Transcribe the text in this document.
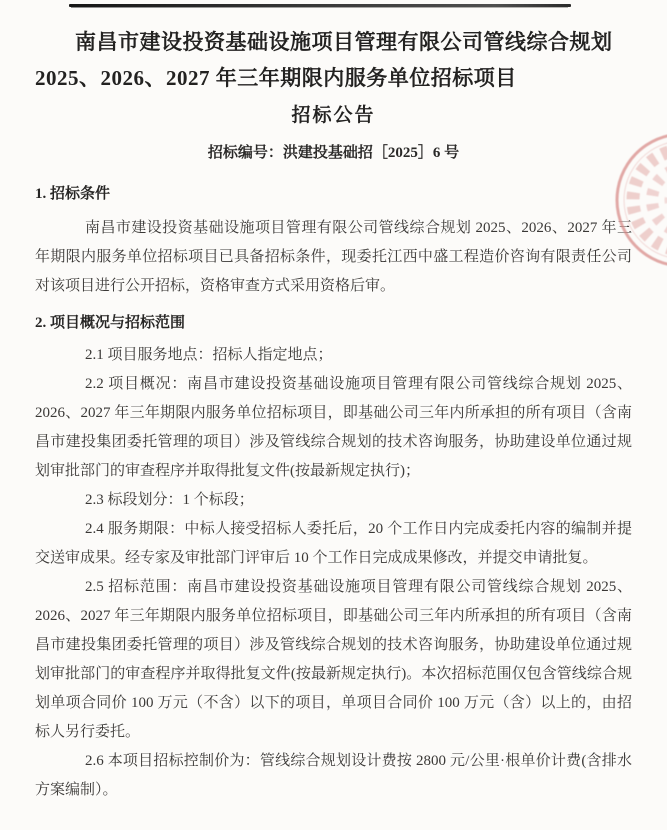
南昌市建设投资基础设施项目管理有限公司管线综合规划
2025、2026、2027 年三年期限内服务单位招标项目
招标公告
招标编号：洪建投基础招［2025］6 号
1. 招标条件

南昌市建设投资基础设施项目管理有限公司管线综合规划 2025、2026、2027 年三年期限内服务单位招标项目已具备招标条件，现委托江西中盛工程造价咨询有限责任公司对该项目进行公开招标，资格审查方式采用资格后审。

2. 项目概况与招标范围

2.1 项目服务地点：招标人指定地点；

2.2 项目概况：南昌市建设投资基础设施项目管理有限公司管线综合规划 2025、2026、2027 年三年期限内服务单位招标项目，即基础公司三年内所承担的所有项目（含南昌市建投集团委托管理的项目）涉及管线综合规划的技术咨询服务，协助建设单位通过规划审批部门的审查程序并取得批复文件(按最新规定执行)；

2.3 标段划分：1 个标段；

2.4 服务期限：中标人接受招标人委托后，20 个工作日内完成委托内容的编制并提交送审成果。经专家及审批部门评审后 10 个工作日完成成果修改，并提交申请批复。

2.5 招标范围：南昌市建设投资基础设施项目管理有限公司管线综合规划 2025、2026、2027 年三年期限内服务单位招标项目，即基础公司三年内所承担的所有项目（含南昌市建投集团委托管理的项目）涉及管线综合规划的技术咨询服务，协助建设单位通过规划审批部门的审查程序并取得批复文件(按最新规定执行)。本次招标范围仅包含管线综合规划单项合同价 100 万元（不含）以下的项目，单项目合同价 100 万元（含）以上的，由招标人另行委托。

2.6 本项目招标控制价为：管线综合规划设计费按 2800 元/公里·根单价计费(含排水方案编制）。
